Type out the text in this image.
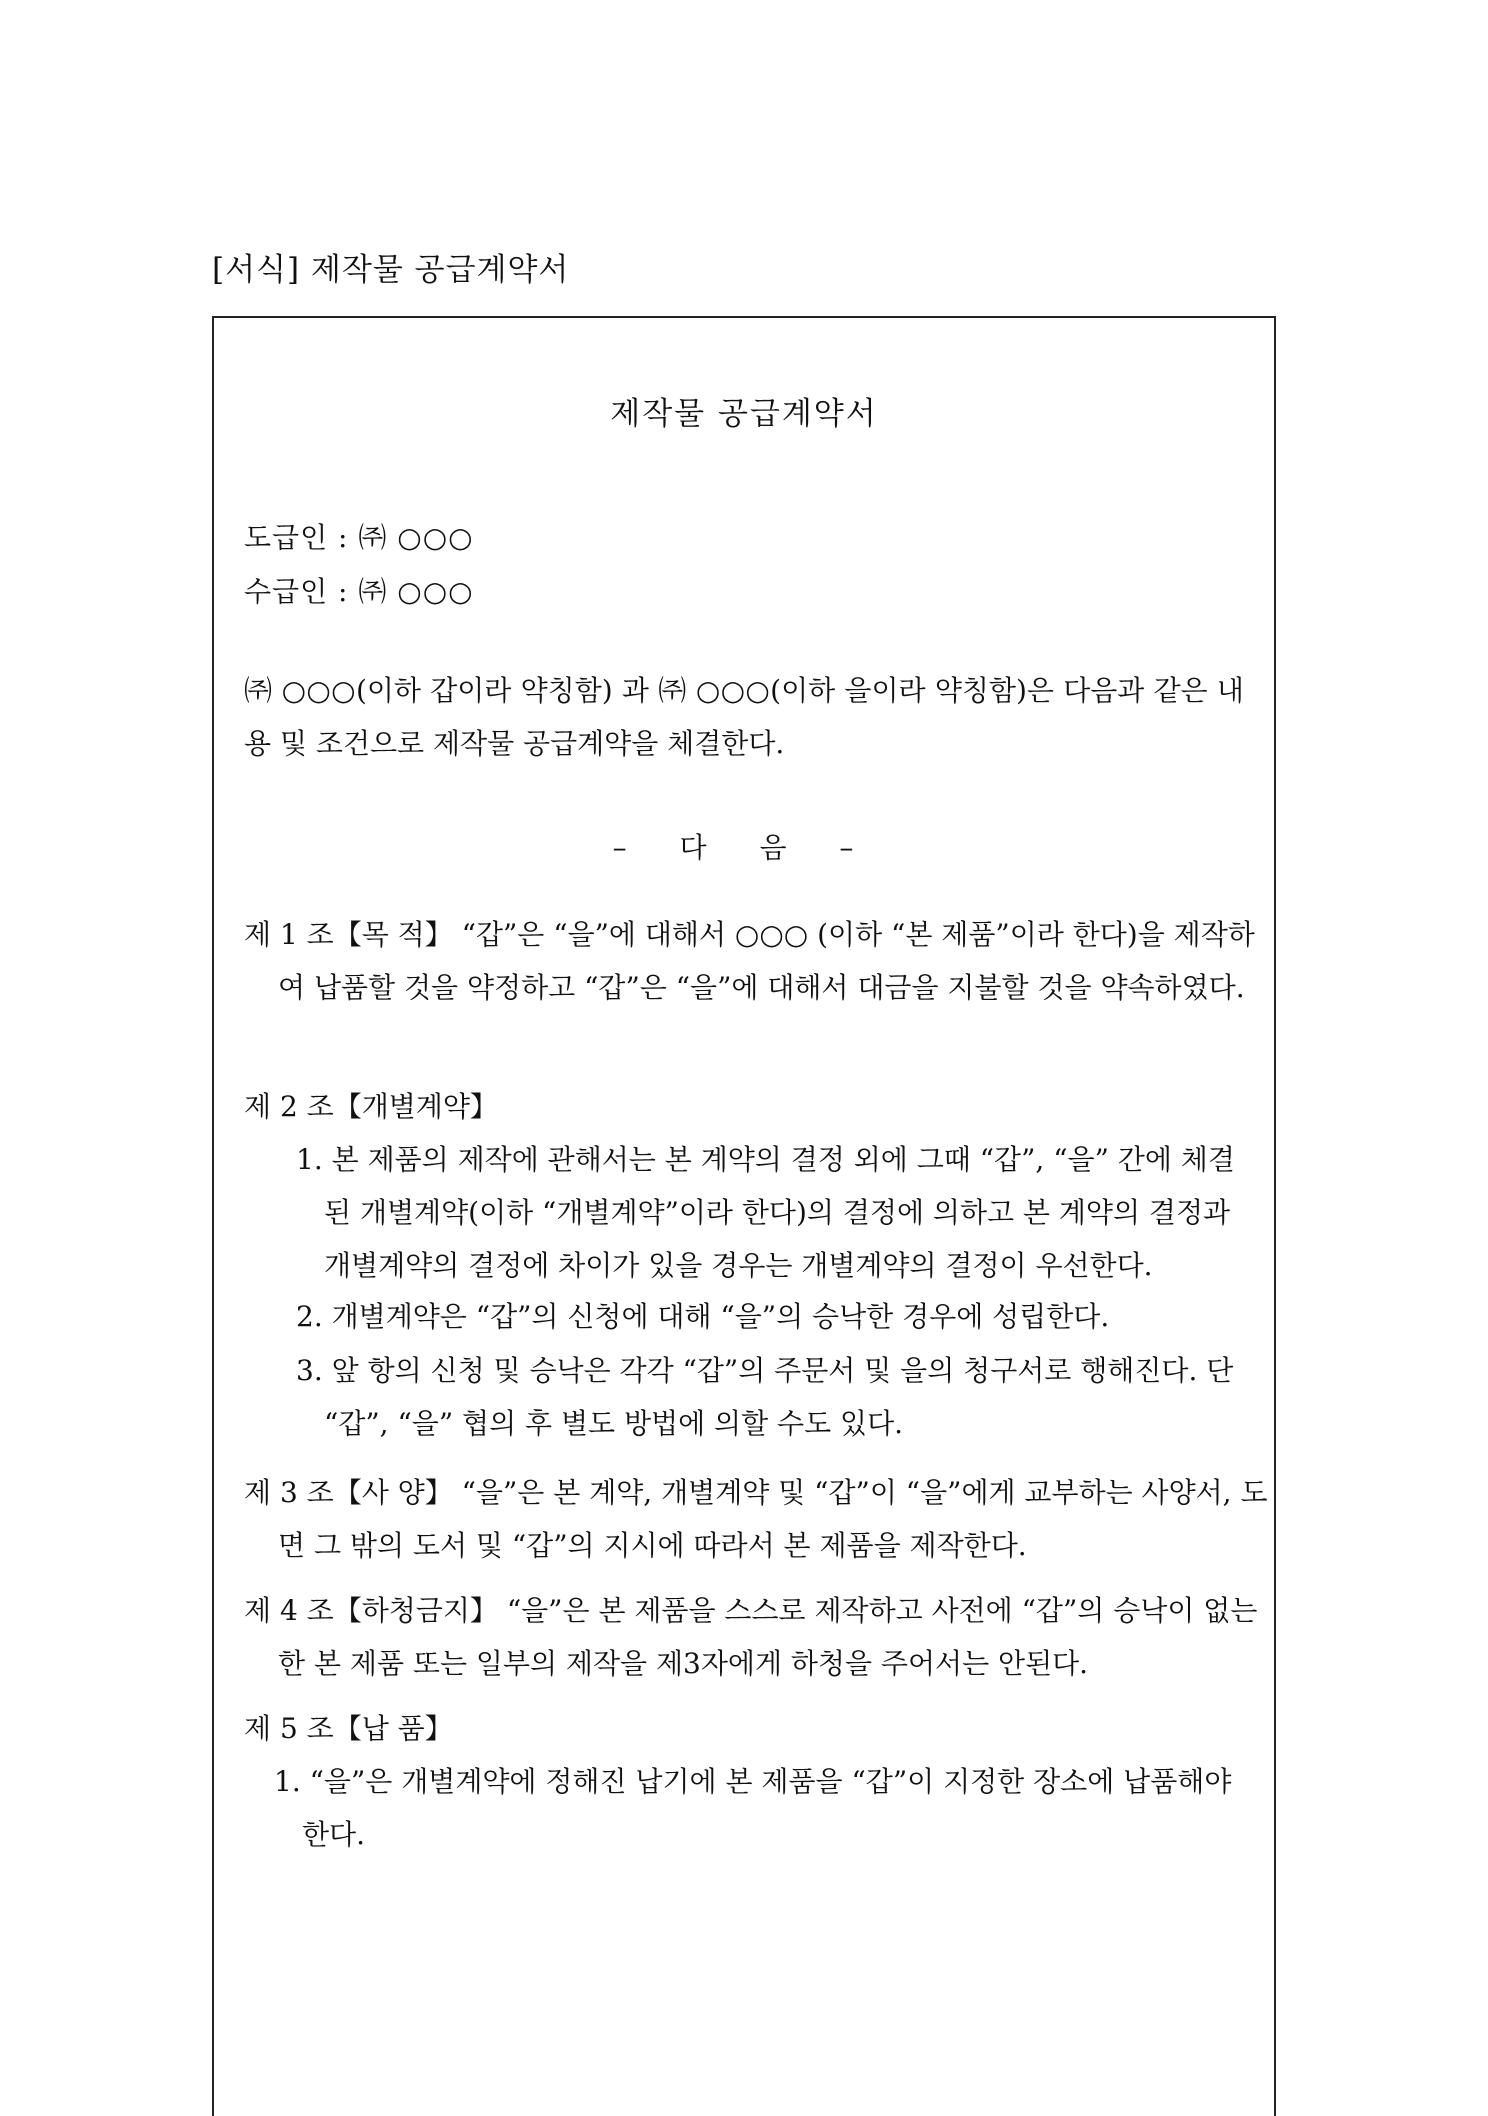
[서식] 제작물 공급계약서
제작물 공급계약서
도급인 : ㈜ ○○○
수급인 : ㈜ ○○○
㈜ ○○○(이하 갑이라 약칭함) 과 ㈜ ○○○(이하 을이라 약칭함)은 다음과 같은 내용 및 조건으로 제작물 공급계약을 체결한다.
– 다 음 –
제 1 조【목 적】 “갑”은 “을”에 대해서 ○○○ (이하 “본 제품”이라 한다)을 제작하여 납품할 것을 약정하고 “갑”은 “을”에 대해서 대금을 지불할 것을 약속하였다.
제 2 조【개별계약】
1. 본 제품의 제작에 관해서는 본 계약의 결정 외에 그때 “갑”, “을” 간에 체결된 개별계약(이하 “개별계약”이라 한다)의 결정에 의하고 본 계약의 결정과 개별계약의 결정에 차이가 있을 경우는 개별계약의 결정이 우선한다.
2. 개별계약은 “갑”의 신청에 대해 “을”의 승낙한 경우에 성립한다.
3. 앞 항의 신청 및 승낙은 각각 “갑”의 주문서 및 을의 청구서로 행해진다. 단 “갑”, “을” 협의 후 별도 방법에 의할 수도 있다.
제 3 조【사 양】 “을”은 본 계약, 개별계약 및 “갑”이 “을”에게 교부하는 사양서, 도면 그 밖의 도서 및 “갑”의 지시에 따라서 본 제품을 제작한다.
제 4 조【하청금지】 “을”은 본 제품을 스스로 제작하고 사전에 “갑”의 승낙이 없는 한 본 제품 또는 일부의 제작을 제3자에게 하청을 주어서는 안된다.
제 5 조【납 품】
1. “을”은 개별계약에 정해진 납기에 본 제품을 “갑”이 지정한 장소에 납품해야 한다.
